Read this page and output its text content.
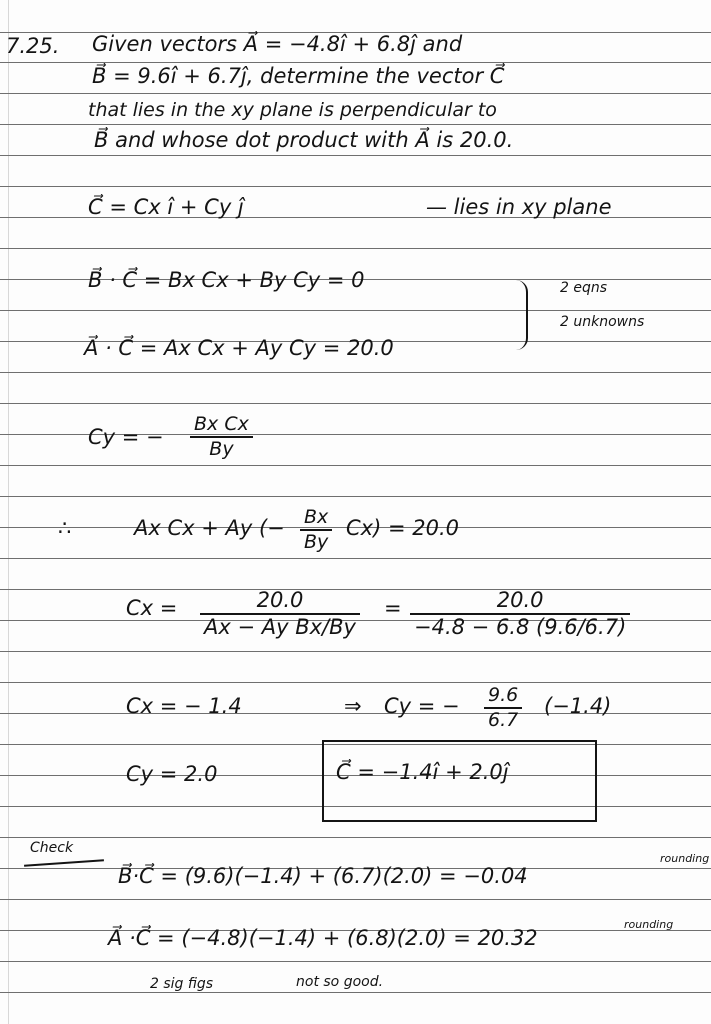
7.25. Given vectors A⃗ = −4.8î + 6.8ĵ and
B⃗ = 9.6î + 6.7ĵ, determine the vector C⃗
that lies in the xy plane is perpendicular to
B⃗ and whose dot product with A⃗ is 20.0.
C⃗ = Cx î + Cy ĵ	— lies in xy plane
B⃗ · C⃗ = Bx Cx + By Cy = 0
A⃗ · C⃗ = Ax Cx + Ay Cy = 20.0
2 eqns
2 unknowns
Cy = − $\frac{\text{Bx Cx}}{By}$
∴	Ax Cx + Ay (− $\frac{Bx}{By} Cx) = 20.0$
$Cx = \frac{20.0}{\text{Ax − Ay Bx/By}} = \frac{20.0}{-4.8 - 6.8 (9.6/6.7)}$
Cx = − 1.4	⇒ Cy = − $\frac{9.6}{6.7} (-1.4)$
Cy = 2.0	C⃗ = −1.4î + 2.0ĵ
Check
B⃗·C⃗ = (9.6)(−1.4) + (6.7)(2.0) = −0.04
rounding
A⃗ ·C⃗ = (−4.8)(−1.4) + (6.8)(2.0) = 20.32
rounding
2 sig figs	not so good.
